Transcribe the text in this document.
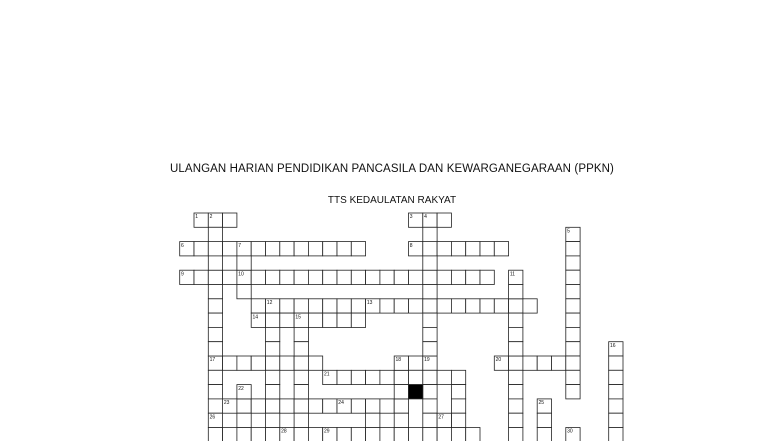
ULANGAN HARIAN PENDIDIKAN PANCASILA DAN KEWARGANEGARAAN (PPKN)
TTS KEDAULATAN RAKYAT
1 2	3 4
6	7	8
9	10
12	13
14	15
17	19	20
21
23	24
28	29
26
5
11
18
16
25
22
27
30
